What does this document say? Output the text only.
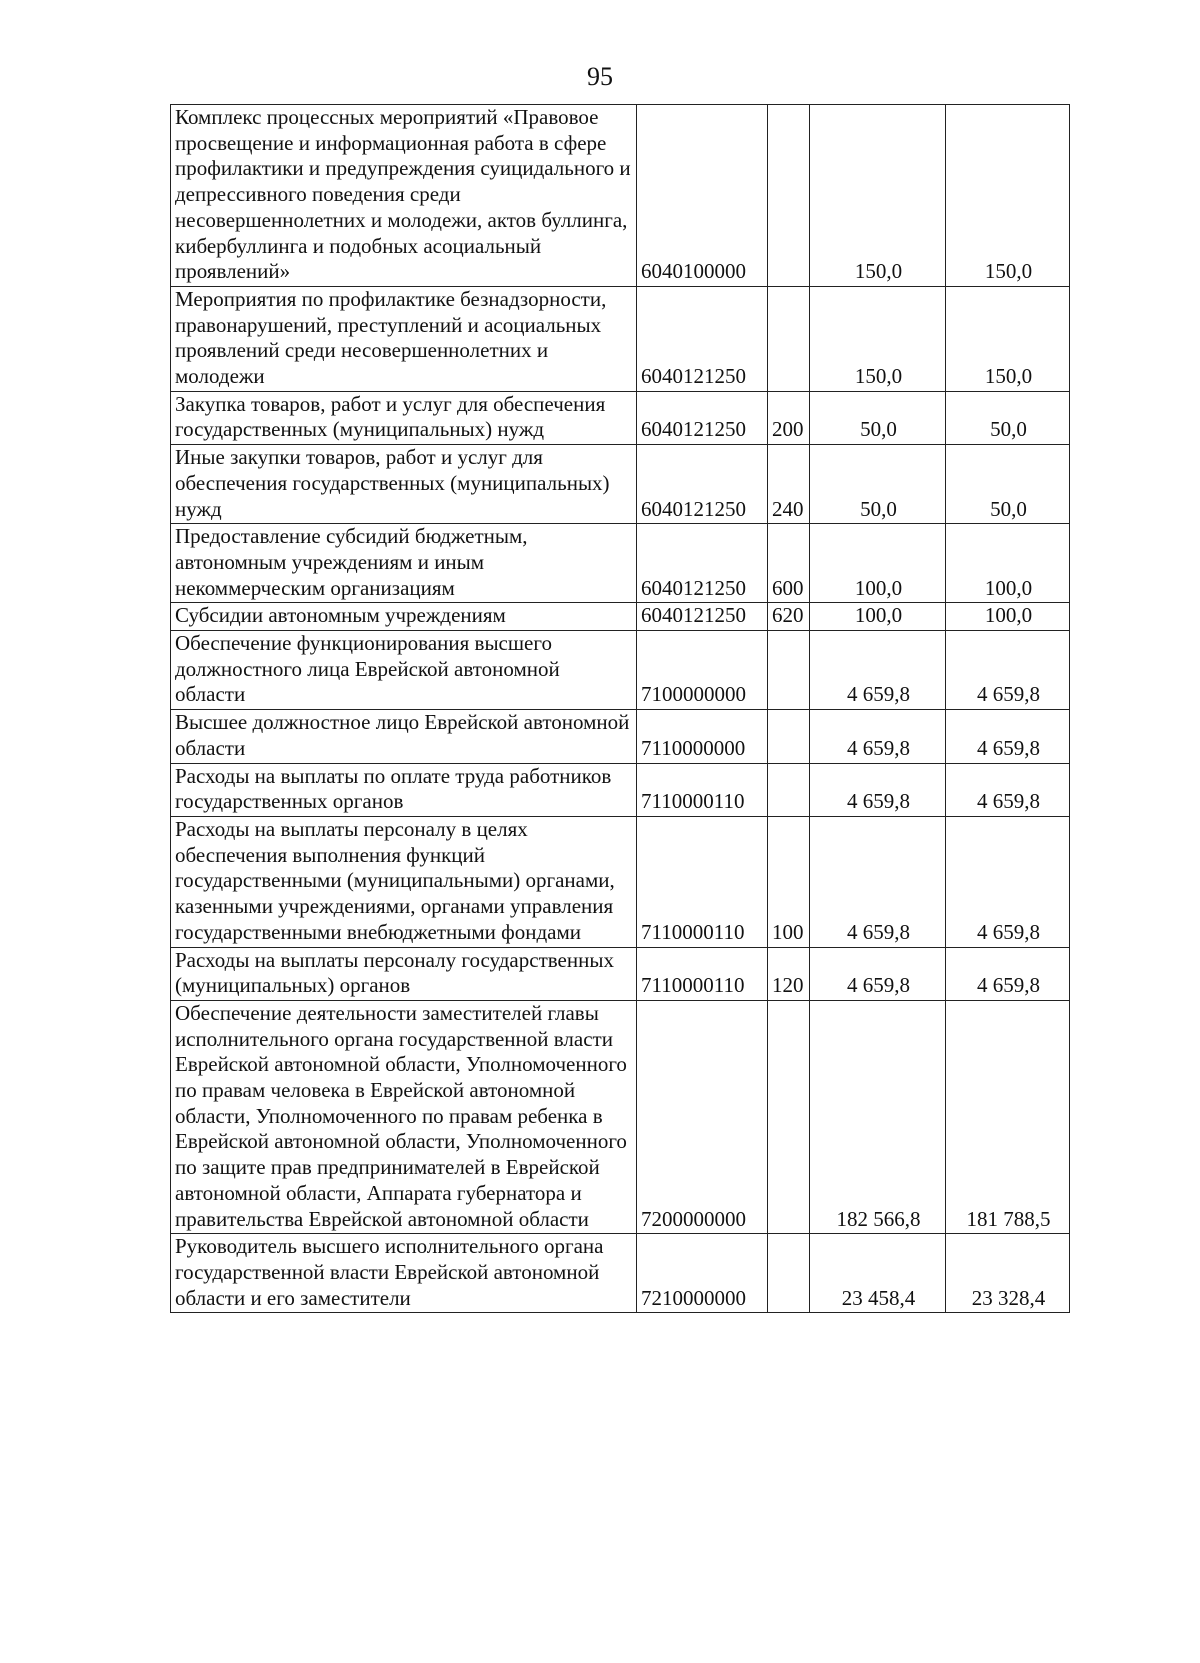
95
Комплекс процессных мероприятий «Правовое просвещение и информационная работа в сфере профилактики и предупреждения суицидального и депрессивного поведения среди несовершеннолетних и молодежи, актов буллинга, кибербуллинга и подобных асоциальный проявлений»	6040100000		150,0	150,0
Мероприятия по профилактике безнадзорности, правонарушений, преступлений и асоциальных проявлений среди несовершеннолетних и молодежи	6040121250		150,0	150,0
Закупка товаров, работ и услуг для обеспечения государственных (муниципальных) нужд	6040121250	200	50,0	50,0
Иные закупки товаров, работ и услуг для обеспечения государственных (муниципальных) нужд	6040121250	240	50,0	50,0
Предоставление субсидий бюджетным, автономным учреждениям и иным некоммерческим организациям	6040121250	600	100,0	100,0
Субсидии автономным учреждениям	6040121250	620	100,0	100,0
Обеспечение функционирования высшего должностного лица Еврейской автономной области	7100000000		4 659,8	4 659,8
Высшее должностное лицо Еврейской автономной области	7110000000		4 659,8	4 659,8
Расходы на выплаты по оплате труда работников государственных органов	7110000110		4 659,8	4 659,8
Расходы на выплаты персоналу в целях обеспечения выполнения функций государственными (муниципальными) органами, казенными учреждениями, органами управления государственными внебюджетными фондами	7110000110	100	4 659,8	4 659,8
Расходы на выплаты персоналу государственных (муниципальных) органов	7110000110	120	4 659,8	4 659,8
Обеспечение деятельности заместителей главы исполнительного органа государственной власти Еврейской автономной области, Уполномоченного по правам человека в Еврейской автономной области, Уполномоченного по правам ребенка в Еврейской автономной области, Уполномоченного по защите прав предпринимателей в Еврейской автономной области, Аппарата губернатора и правительства Еврейской автономной области	7200000000		182 566,8	181 788,5
Руководитель высшего исполнительного органа государственной власти Еврейской автономной области и его заместители	7210000000		23 458,4	23 328,4
